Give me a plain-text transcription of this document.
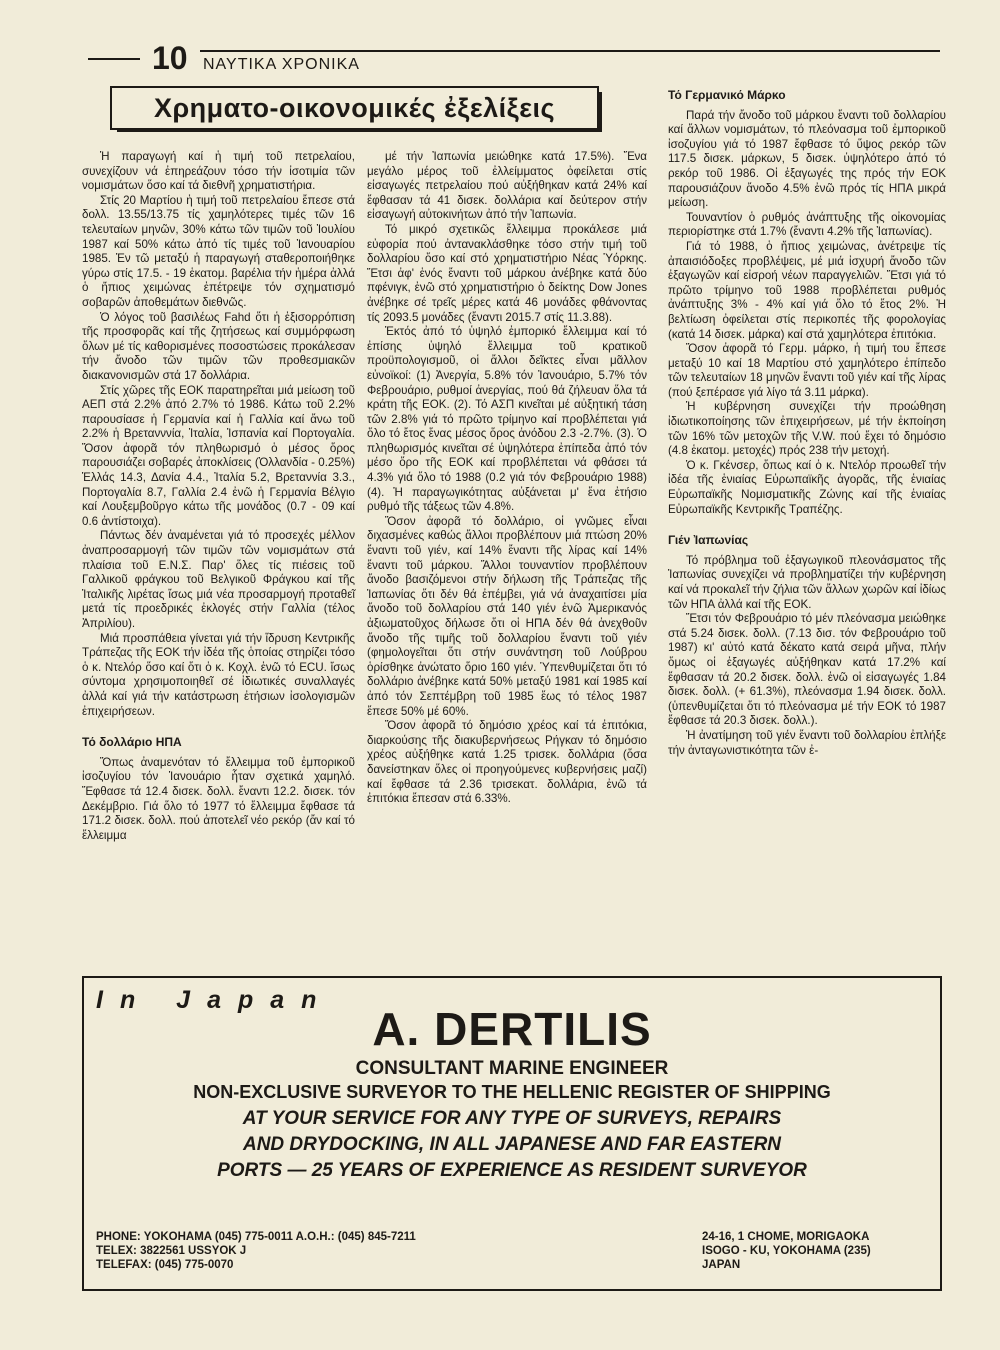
10 ΝΑΥΤΙΚΑ ΧΡΟΝΙΚΑ
Χρηματο-οικονομικές ἐξελίξεις

Ἡ παραγωγή καί ἡ τιμή τοῦ πετρελαίου, συνεχίζουν νά ἐπηρεάζουν τόσο τήν ἰσοτιμία τῶν νομισμάτων ὅσο καί τά διεθνῆ χρηματιστήρια.

Στίς 20 Μαρτίου ἡ τιμή τοῦ πετρελαίου ἔπεσε στά δολλ. 13.55/13.75 τίς χαμηλότερες τιμές τῶν 16 τελευταίων μηνῶν, 30% κάτω τῶν τιμῶν τοῦ Ἰουλίου 1987 καί 50% κάτω ἀπό τίς τιμές τοῦ Ἰανουαρίου 1985. Ἐν τῶ μεταξύ ἡ παραγωγή σταθεροποιήθηκε γύρω στίς 17.5. - 19 ἑκατομ. βαρέλια τήν ἡμέρα ἀλλά ὁ ἤπιος χειμώνας ἐπέτρεψε τόν σχηματισμό σοβαρῶν ἀποθεμάτων διεθνῶς.

Ὁ λόγος τοῦ βασιλέως Fahd ὅτι ἡ ἐξισορρόπιση τῆς προσφορᾶς καί τῆς ζητήσεως καί συμμόρφωση ὅλων μέ τίς καθορισμένες ποσοστώσεις προκάλεσαν τήν ἄνοδο τῶν τιμῶν τῶν προθεσμιακῶν διακανονισμῶν στά 17 δολλάρια.

Στίς χῶρες τῆς ΕΟΚ παρατηρεῖται μιά μείωση τοῦ ΑΕΠ στά 2.2% ἀπό 2.7% τό 1986. Κάτω τοῦ 2.2% παρουσίασε ἡ Γερμανία καί ἡ Γαλλία καί ἄνω τοῦ 2.2% ἡ Βρετανννία, Ἰταλία, Ἰσπανία καί Πορτογαλία. Ὅσον ἀφορᾶ τόν πληθωρισμό ὁ μέσος ὅρος παρουσιάζει σοβαρές ἀποκλίσεις (Ὁλλανδία - 0.25%) Ἑλλάς 14.3, Δανία 4.4., Ἰταλία 5.2, Βρεταννία 3.3., Πορτογαλία 8.7, Γαλλία 2.4 ἐνῶ ἡ Γερμανία Βέλγιο καί Λουξεμβοῦργο κάτω τῆς μονάδος (0.7 - 09 καί 0.6 ἀντίστοιχα).

Πάντως δέν ἀναμένεται γιά τό προσεχές μέλλον ἀναπροσαρμογή τῶν τιμῶν τῶν νομισμάτων στά πλαίσια τοῦ Ε.Ν.Σ. Παρ' ὅλες τίς πιέσεις τοῦ Γαλλικοῦ φράγκου τοῦ Βελγικοῦ Φράγκου καί τῆς Ἰταλικῆς λιρέτας ἴσως μιά νέα προσαρμογή προταθεῖ μετά τίς προεδρικές ἐκλογές στήν Γαλλία (τέλος Ἀπριλίου).

Μιά προσπάθεια γίνεται γιά τήν ἵδρυση Κεντρικῆς Τράπεζας τῆς ΕΟΚ τήν ἰδέα τῆς ὁποίας στηρίζει τόσο ὁ κ. Ντελόρ ὅσο καί ὅτι ὁ κ. Κοχλ. ἐνῶ τό ECU. ἴσως σύντομα χρησιμοποιηθεῖ σέ ἰδιωτικές συναλλαγές ἀλλά καί γιά τήν κατάστρωση ἐτήσιων ἰσολογισμῶν ἐπιχειρήσεων.

Τό δολλάριο ΗΠΑ

Ὅπως ἀναμενόταν τό ἔλλειμμα τοῦ ἐμπορικοῦ ἰσοζυγίου τόν Ἰανουάριο ἦταν σχετικά χαμηλό. Ἔφθασε τά 12.4 δισεκ. δολλ. ἔναντι 12.2. δισεκ. τόν Δεκέμβριο. Γιά ὅλο τό 1977 τό ἔλλειμμα ἔφθασε τά 171.2 δισεκ. δολλ. πού ἀποτελεῖ νέο ρεκόρ (ἄν καί τό ἔλλειμμα

μέ τήν Ἰαπωνία μειώθηκε κατά 17.5%). Ἕνα μεγάλο μέρος τοῦ ἐλλείμματος ὀφείλεται στίς εἰσαγωγές πετρελαίου πού αὐξήθηκαν κατά 24% καί ἔφθασαν τά 41 δισεκ. δολλάρια καί δεύτερον στήν εἰσαγωγή αὐτοκινήτων ἀπό τήν Ἰαπωνία.

Τό μικρό σχετικῶς ἔλλειμμα προκάλεσε μιά εὐφορία πού ἀντανακλάσθηκε τόσο στήν τιμή τοῦ δολλαρίου ὅσο καί στό χρηματιστήριο Νέας Ὑόρκης. Ἔτσι ἀφ' ἑνός ἔναντι τοῦ μάρκου ἀνέβηκε κατά δύο πφένιγκ, ἐνῶ στό χρηματιστήριο ὁ δείκτης Dow Jones ἀνέβηκε σέ τρεῖς μέρες κατά 46 μονάδες φθάνοντας τίς 2093.5 μονάδες (ἔναντι 2015.7 στίς 11.3.88).

Ἐκτός ἀπό τό ὑψηλό ἐμπορικό ἔλλειμμα καί τό ἐπίσης ὑψηλό ἔλλειμμα τοῦ κρατικοῦ προϋπολογισμοῦ, οἱ ἄλλοι δεῖκτες εἶναι μᾶλλον εὐνοϊκοί: (1) Ἀνεργία, 5.8% τόν Ἰανουάριο, 5.7% τόν Φεβρουάριο, ρυθμοί ἀνεργίας, πού θά ζήλευαν ὅλα τά κράτη τῆς ΕΟΚ. (2). Τό ΑΣΠ κινεῖται μέ αὐξητική τάση τῶν 2.8% γιά τό πρῶτο τρίμηνο καί προβλέπεται γιά ὅλο τό ἔτος ἕνας μέσος ὅρος ἀνόδου 2.3 -2.7%. (3). Ὁ πληθωρισμός κινεῖται σέ ὑψηλότερα ἐπίπεδα ἀπό τόν μέσο ὅρο τῆς ΕΟΚ καί προβλέπεται νά φθάσει τά 4.3% γιά ὅλο τό 1988 (0.2 γιά τόν Φεβρουάριο 1988) (4). Ἡ παραγωγικότητας αὐξάνεται μ' ἕνα ἐτήσιο ρυθμό τῆς τάξεως τῶν 4.8%.

Ὅσον ἀφορᾶ τό δολλάριο, οἱ γνῶμες εἶναι διχασμένες καθώς ἄλλοι προβλέπουν μιά πτώση 20% ἔναντι τοῦ γιέν, καί 14% ἔναντι τῆς λίρας καί 14% ἔναντι τοῦ μάρκου. Ἄλλοι τουναντίον προβλέπουν ἄνοδο βασιζόμενοι στήν δήλωση τῆς Τράπεζας τῆς Ἰαπωνίας ὅτι δέν θά ἐπέμβει, γιά νά ἀναχαιτίσει μία ἄνοδο τοῦ δολλαρίου στά 140 γιέν ἐνῶ Ἀμερικανός ἀξιωματοῦχος δήλωσε ὅτι οἱ ΗΠΑ δέν θά ἀνεχθοῦν ἄνοδο τῆς τιμῆς τοῦ δολλαρίου ἔναντι τοῦ γιέν (φημολογεῖται ὅτι στήν συνάντηση τοῦ Λούβρου ὁρίσθηκε ἀνώτατο ὅριο 160 γιέν. Ὑπενθυμίζεται ὅτι τό δολλάριο ἀνέβηκε κατά 50% μεταξύ 1981 καί 1985 καί ἀπό τόν Σεπτέμβρη τοῦ 1985 ἕως τό τέλος 1987 ἔπεσε 50% μέ 60%.

Ὅσον ἀφορᾶ τό δημόσιο χρέος καί τά ἐπιτόκια, διαρκούσης τῆς διακυβερνήσεως Ρήγκαν τό δημόσιο χρέος αὐξήθηκε κατά 1.25 τρισεκ. δολλάρια (ὅσα δανείστηκαν ὅλες οἱ προηγούμενες κυβερνήσεις μαζί) καί ἔφθασε τά 2.36 τρισεκατ. δολλάρια, ἐνῶ τά ἐπιτόκια ἔπεσαν στά 6.33%.

Τό Γερμανικό Μάρκο

Παρά τήν ἄνοδο τοῦ μάρκου ἔναντι τοῦ δολλαρίου καί ἄλλων νομισμάτων, τό πλεόνασμα τοῦ ἐμπορικοῦ ἰσοζυγίου γιά τό 1987 ἔφθασε τό ὕψος ρεκόρ τῶν 117.5 δισεκ. μάρκων, 5 δισεκ. ὑψηλότερο ἀπό τό ρεκόρ τοῦ 1986. Οἱ ἐξαγωγές της πρός τήν ΕΟΚ παρουσιάζουν ἄνοδο 4.5% ἐνῶ πρός τίς ΗΠΑ μικρά μείωση.

Τουναντίον ὁ ρυθμός ἀνάπτυξης τῆς οἰκονομίας περιορίστηκε στά 1.7% (ἔναντι 4.2% τῆς Ἰαπωνίας).

Γιά τό 1988, ὁ ἤπιος χειμώνας, ἀνέτρεψε τίς ἀπαισιόδοξες προβλέψεις, μέ μιά ἰσχυρή ἄνοδο τῶν ἐξαγωγῶν καί εἰσροή νέων παραγγελιῶν. Ἔτσι γιά τό πρῶτο τρίμηνο τοῦ 1988 προβλέπεται ρυθμός ἀνάπτυξης 3% - 4% καί γιά ὅλο τό ἔτος 2%. Ἡ βελτίωση ὀφείλεται στίς περικοπές τῆς φορολογίας (κατά 14 δισεκ. μάρκα) καί στά χαμηλότερα ἐπιτόκια.

Ὅσον ἀφορᾶ τό Γερμ. μάρκο, ἡ τιμή του ἔπεσε μεταξύ 10 καί 18 Μαρτίου στό χαμηλότερο ἐπίπεδο τῶν τελευταίων 18 μηνῶν ἔναντι τοῦ γιέν καί τῆς λίρας (πού ξεπέρασε γιά λίγο τά 3.11 μάρκα).

Ἡ κυβέρνηση συνεχίζει τήν προώθηση ἰδιωτικοποίησης τῶν ἐπιχειρήσεων, μέ τήν ἐκποίηση τῶν 16% τῶν μετοχῶν τῆς V.W. πού ἔχει τό δημόσιο (4.8 ἑκατομ. μετοχές) πρός 238 τήν μετοχή.

Ὁ κ. Γκένσερ, ὅπως καί ὁ κ. Ντελόρ προωθεῖ τήν ἰδέα τῆς ἑνιαίας Εὐρωπαϊκῆς ἀγορᾶς, τῆς ἑνιαίας Εὐρωπαϊκῆς Νομισματικῆς Ζώνης καί τῆς ἑνιαίας Εὐρωπαϊκῆς Κεντρικῆς Τραπέζης.

Γιέν Ἰαπωνίας

Τό πρόβλημα τοῦ ἐξαγωγικοῦ πλεονάσματος τῆς Ἰαπωνίας συνεχίζει νά προβληματίζει τήν κυβέρνηση καί νά προκαλεῖ τήν ζήλια τῶν ἄλλων χωρῶν καί ἰδίως τῶν ΗΠΑ ἀλλά καί τῆς ΕΟΚ.

Ἔτσι τόν Φεβρουάριο τό μέν πλεόνασμα μειώθηκε στά 5.24 δισεκ. δολλ. (7.13 δισ. τόν Φεβρουάριο τοῦ 1987) κι' αὐτό κατά δέκατο κατά σειρά μῆνα, πλήν ὅμως οἱ ἐξαγωγές αὐξήθηκαν κατά 17.2% καί ἔφθασαν τά 20.2 δισεκ. δολλ. ἐνῶ οἱ εἰσαγωγές 1.84 δισεκ. δολλ. (+ 61.3%), πλεόνασμα 1.94 δισεκ. δολλ. (ὑπενθυμίζεται ὅτι τό πλεόνασμα μέ τήν ΕΟΚ τό 1987 ἔφθασε τά 20.3 δισεκ. δολλ.).

Ἡ ἀνατίμηση τοῦ γιέν ἔναντι τοῦ δολλαρίου ἐπλήξε τήν ἀνταγωνιστικότητα τῶν ἐ-

In Japan
A. DERTILIS
CONSULTANT MARINE ENGINEER
NON-EXCLUSIVE SURVEYOR TO THE HELLENIC REGISTER OF SHIPPING
AT YOUR SERVICE FOR ANY TYPE OF SURVEYS, REPAIRS
AND DRYDOCKING, IN ALL JAPANESE AND FAR EASTERN
PORTS — 25 YEARS OF EXPERIENCE AS RESIDENT SURVEYOR
PHONE: YOKOHAMA (045) 775-0011 A.O.H.: (045) 845-7211
TELEX: 3822561 USSYOK J
TELEFAX: (045) 775-0070
24-16, 1 CHOME, MORIGAOKA
ISOGO - KU, YOKOHAMA (235)
JAPAN
